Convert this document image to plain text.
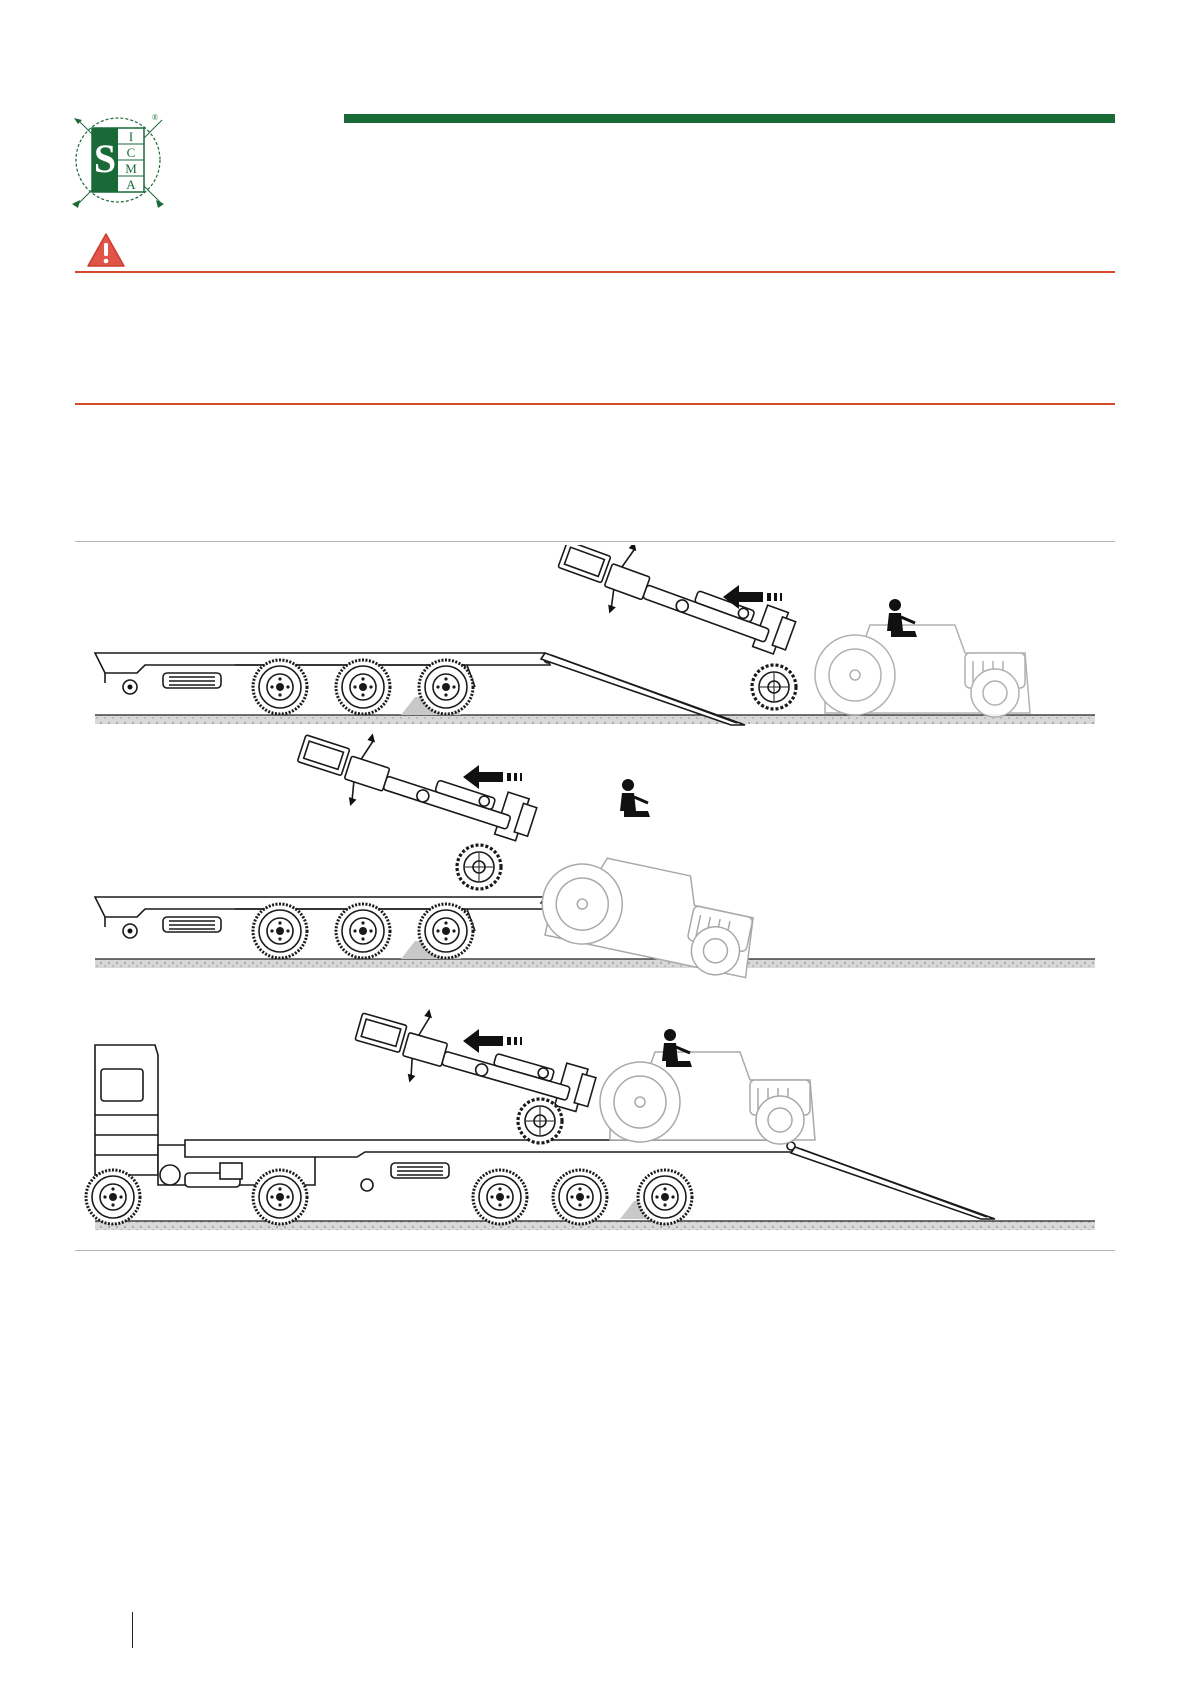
S I
C
M
A
®
